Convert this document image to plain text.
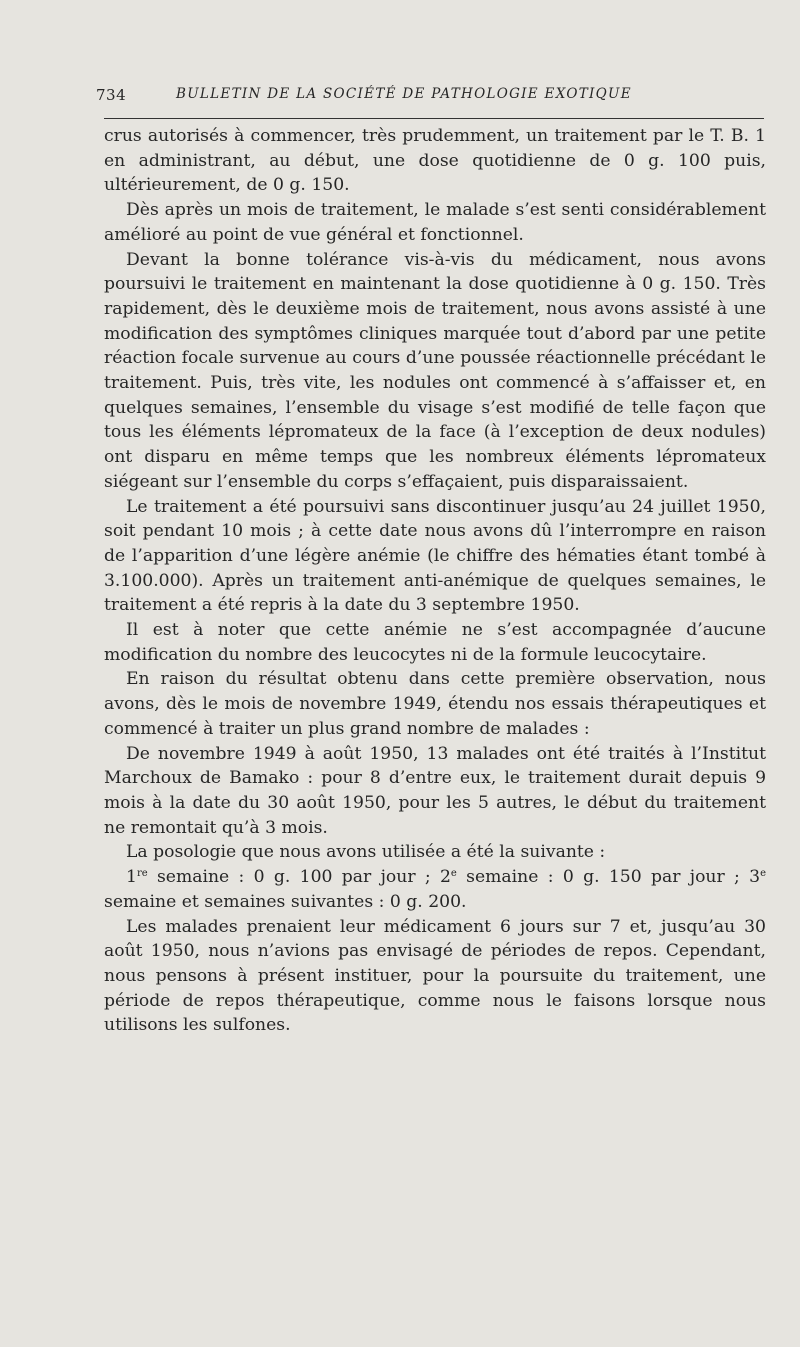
734	BULLETIN DE LA SOCIÉTÉ DE PATHOLOGIE EXOTIQUE

crus autorisés à commencer, très prudemment, un traitement par le T. B. 1 en administrant, au début, une dose quotidienne de 0 g. 100 puis, ultérieurement, de 0 g. 150.

Dès après un mois de traitement, le malade s’est senti considérablement amélioré au point de vue général et fonctionnel.

Devant la bonne tolérance vis-à-vis du médicament, nous avons poursuivi le traitement en maintenant la dose quotidienne à 0 g. 150. Très rapidement, dès le deuxième mois de traitement, nous avons assisté à une modification des symptômes cliniques marquée tout d’abord par une petite réaction focale survenue au cours d’une poussée réactionnelle précédant le traitement. Puis, très vite, les nodules ont commencé à s’affaisser et, en quelques semaines, l’ensemble du visage s’est modifié de telle façon que tous les éléments lépromateux de la face (à l’exception de deux nodules) ont disparu en même temps que les nombreux éléments lépromateux siégeant sur l’ensemble du corps s’effaçaient, puis disparaissaient.

Le traitement a été poursuivi sans discontinuer jusqu’au 24 juillet 1950, soit pendant 10 mois ; à cette date nous avons dû l’interrompre en raison de l’apparition d’une légère anémie (le chiffre des hématies étant tombé à 3.100.000). Après un traitement anti-anémique de quelques semaines, le traitement a été repris à la date du 3 septembre 1950.

Il est à noter que cette anémie ne s’est accompagnée d’aucune modification du nombre des leucocytes ni de la formule leucocytaire.

En raison du résultat obtenu dans cette première observation, nous avons, dès le mois de novembre 1949, étendu nos essais thérapeutiques et commencé à traiter un plus grand nombre de malades :

De novembre 1949 à août 1950, 13 malades ont été traités à l’Institut Marchoux de Bamako : pour 8 d’entre eux, le traitement durait depuis 9 mois à la date du 30 août 1950, pour les 5 autres, le début du traitement ne remontait qu’à 3 mois.

La posologie que nous avons utilisée a été la suivante :

1re semaine : 0 g. 100 par jour ; 2e semaine : 0 g. 150 par jour ; 3e semaine et semaines suivantes : 0 g. 200.

Les malades prenaient leur médicament 6 jours sur 7 et, jusqu’au 30 août 1950, nous n’avions pas envisagé de périodes de repos. Cependant, nous pensons à présent instituer, pour la poursuite du traitement, une période de repos thérapeutique, comme nous le faisons lorsque nous utilisons les sulfones.
